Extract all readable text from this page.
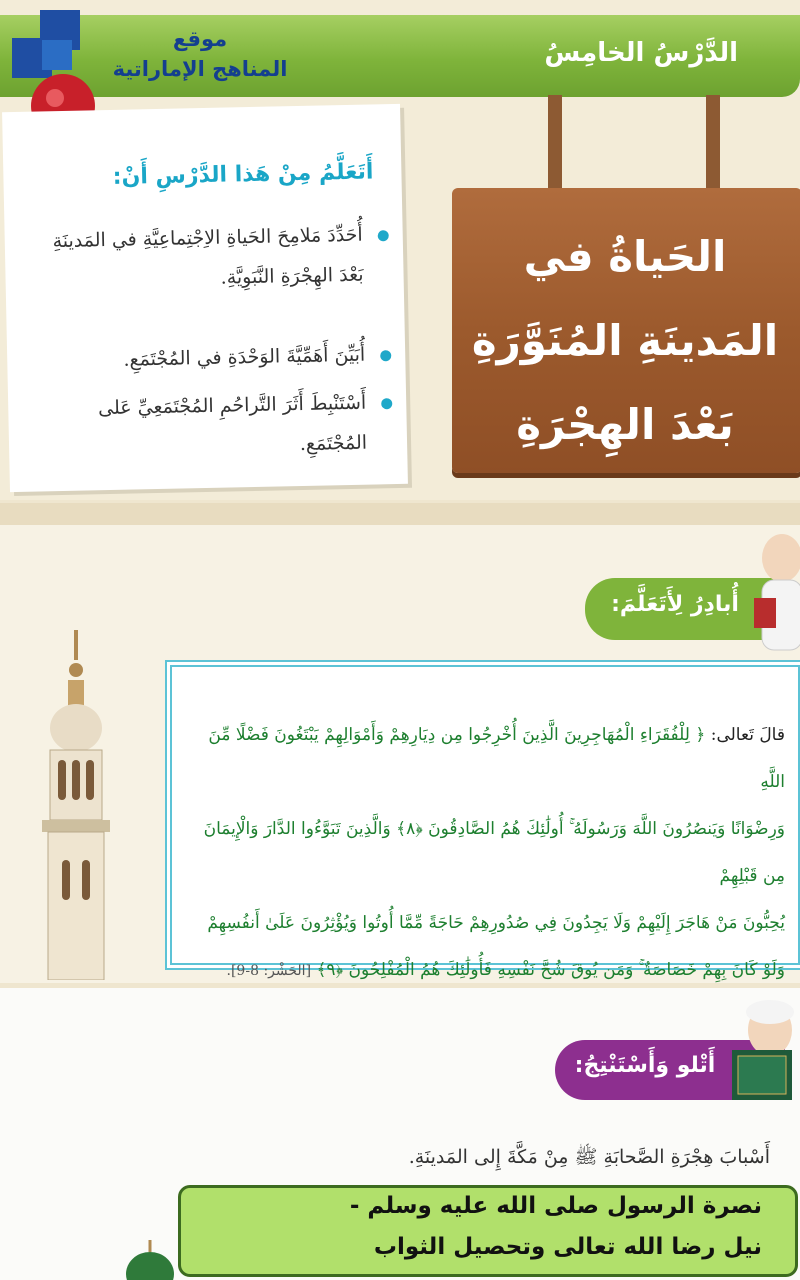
الدَّرْسُ الخامِسُ
موقع
المناهج الإماراتية
أَتَعَلَّمُ مِنْ هَذا الدَّرْسِ أَنْ:
أُحَدِّدَ مَلامِحَ الحَياةِ الاِجْتِماعِيَّةِ في المَدينَةِ بَعْدَ الهِجْرَةِ النَّبَوِيَّةِ.
أُبَيِّنَ أَهَمِّيَّةَ الوَحْدَةِ في المُجْتَمَعِ.
أَسْتَنْبِطَ أَثَرَ التَّراحُمِ المُجْتَمَعِيِّ عَلى المُجْتَمَعِ.
الحَياةُ في
المَدينَةِ المُنَوَّرَةِ
بَعْدَ الهِجْرَةِ
أُبادِرُ لِأَتَعَلَّمَ:
قالَ تَعالى: ﴿ لِلْفُقَرَاءِ الْمُهَاجِرِينَ الَّذِينَ أُخْرِجُوا مِن دِيَارِهِمْ وَأَمْوَالِهِمْ يَبْتَغُونَ فَضْلًا مِّنَ اللَّهِ
وَرِضْوَانًا وَيَنصُرُونَ اللَّهَ وَرَسُولَهُ ۚ أُولَٰئِكَ هُمُ الصَّادِقُونَ ﴿٨﴾ وَالَّذِينَ تَبَوَّءُوا الدَّارَ وَالْإِيمَانَ مِن قَبْلِهِمْ
يُحِبُّونَ مَنْ هَاجَرَ إِلَيْهِمْ وَلَا يَجِدُونَ فِي صُدُورِهِمْ حَاجَةً مِّمَّا أُوتُوا وَيُؤْثِرُونَ عَلَىٰ أَنفُسِهِمْ
وَلَوْ كَانَ بِهِمْ خَصَاصَةٌ ۚ وَمَن يُوقَ شُحَّ نَفْسِهِ فَأُولَٰئِكَ هُمُ الْمُفْلِحُونَ ﴿٩﴾ [الحَشْر: 8-9].
أَتْلو وَأَسْتَنْتِجُ:
أَسْبابَ هِجْرَةِ الصَّحابَةِ ﷺ مِنْ مَكَّةَ إِلى المَدينَةِ.
نصرة الرسول صلى الله عليه وسلم -
نيل رضا الله تعالى وتحصيل الثواب
